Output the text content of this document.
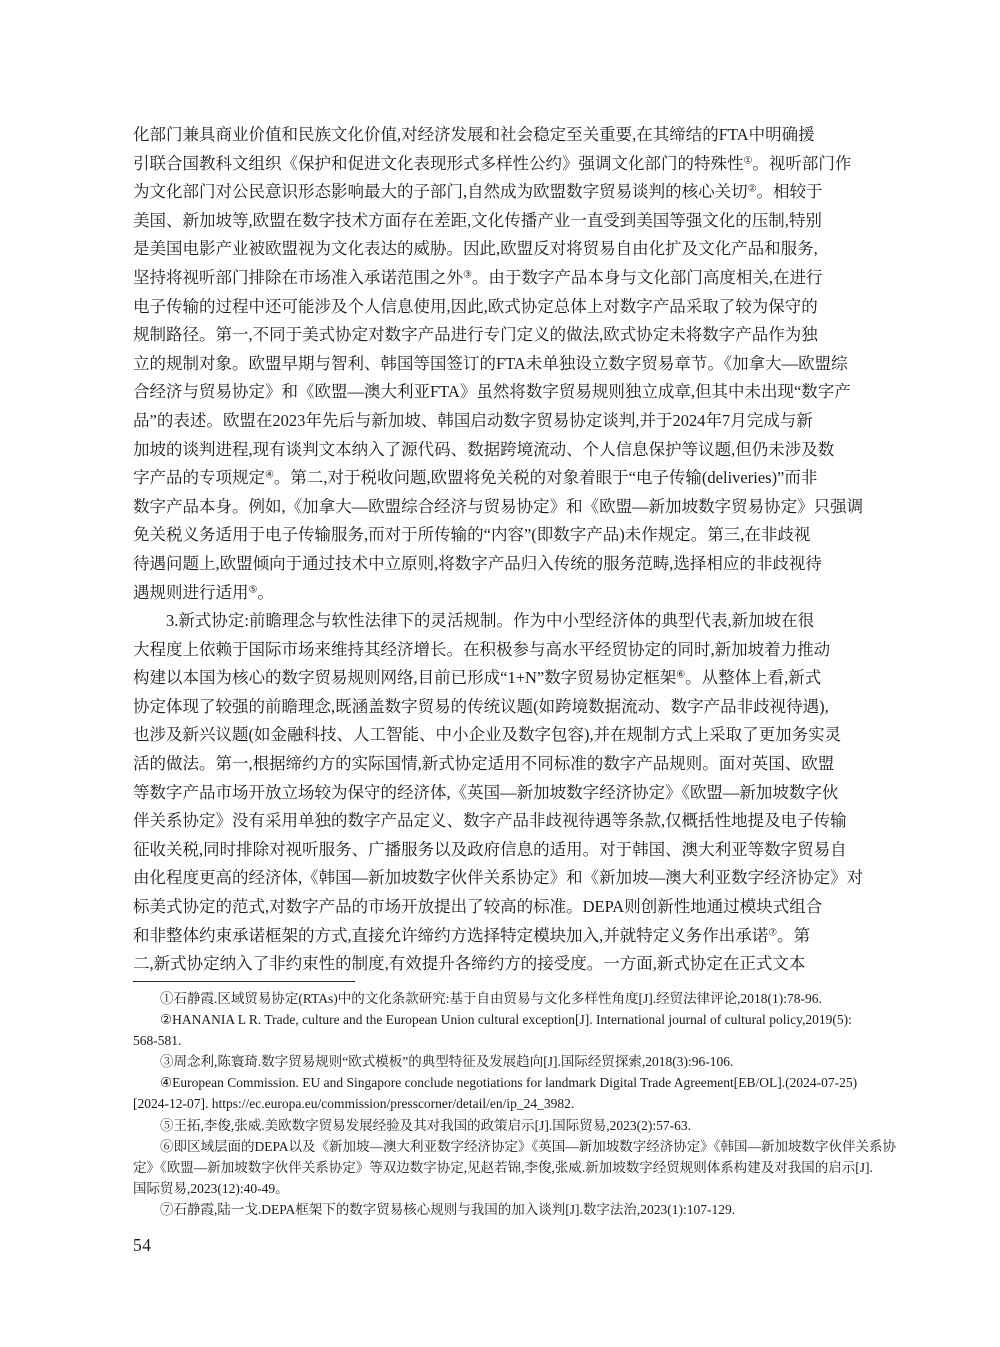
化部门兼具商业价值和民族文化价值,对经济发展和社会稳定至关重要,在其缔结的FTA中明确援
引联合国教科文组织《保护和促进文化表现形式多样性公约》强调文化部门的特殊性①。视听部门作
为文化部门对公民意识形态影响最大的子部门,自然成为欧盟数字贸易谈判的核心关切②。相较于
美国、新加坡等,欧盟在数字技术方面存在差距,文化传播产业一直受到美国等强文化的压制,特别
是美国电影产业被欧盟视为文化表达的威胁。因此,欧盟反对将贸易自由化扩及文化产品和服务,
坚持将视听部门排除在市场准入承诺范围之外③。由于数字产品本身与文化部门高度相关,在进行
电子传输的过程中还可能涉及个人信息使用,因此,欧式协定总体上对数字产品采取了较为保守的
规制路径。第一,不同于美式协定对数字产品进行专门定义的做法,欧式协定未将数字产品作为独
立的规制对象。欧盟早期与智利、韩国等国签订的FTA未单独设立数字贸易章节。《加拿大—欧盟综
合经济与贸易协定》和《欧盟—澳大利亚FTA》虽然将数字贸易规则独立成章,但其中未出现“数字产
品”的表述。欧盟在2023年先后与新加坡、韩国启动数字贸易协定谈判,并于2024年7月完成与新
加坡的谈判进程,现有谈判文本纳入了源代码、数据跨境流动、个人信息保护等议题,但仍未涉及数
字产品的专项规定④。第二,对于税收问题,欧盟将免关税的对象着眼于“电子传输(deliveries)”而非
数字产品本身。例如,《加拿大—欧盟综合经济与贸易协定》和《欧盟—新加坡数字贸易协定》只强调
免关税义务适用于电子传输服务,而对于所传输的“内容”(即数字产品)未作规定。第三,在非歧视
待遇问题上,欧盟倾向于通过技术中立原则,将数字产品归入传统的服务范畴,选择相应的非歧视待
遇规则进行适用⑤。
3.新式协定:前瞻理念与软性法律下的灵活规制。作为中小型经济体的典型代表,新加坡在很
大程度上依赖于国际市场来维持其经济增长。在积极参与高水平经贸协定的同时,新加坡着力推动
构建以本国为核心的数字贸易规则网络,目前已形成“1+N”数字贸易协定框架⑥。从整体上看,新式
协定体现了较强的前瞻理念,既涵盖数字贸易的传统议题(如跨境数据流动、数字产品非歧视待遇),
也涉及新兴议题(如金融科技、人工智能、中小企业及数字包容),并在规制方式上采取了更加务实灵
活的做法。第一,根据缔约方的实际国情,新式协定适用不同标准的数字产品规则。面对英国、欧盟
等数字产品市场开放立场较为保守的经济体,《英国—新加坡数字经济协定》《欧盟—新加坡数字伙
伴关系协定》没有采用单独的数字产品定义、数字产品非歧视待遇等条款,仅概括性地提及电子传输
征收关税,同时排除对视听服务、广播服务以及政府信息的适用。对于韩国、澳大利亚等数字贸易自
由化程度更高的经济体,《韩国—新加坡数字伙伴关系协定》和《新加坡—澳大利亚数字经济协定》对
标美式协定的范式,对数字产品的市场开放提出了较高的标准。DEPA则创新性地通过模块式组合
和非整体约束承诺框架的方式,直接允许缔约方选择特定模块加入,并就特定义务作出承诺⑦。第
二,新式协定纳入了非约束性的制度,有效提升各缔约方的接受度。一方面,新式协定在正式文本
①石静霞.区域贸易协定(RTAs)中的文化条款研究:基于自由贸易与文化多样性角度[J].经贸法律评论,2018(1):78-96.
②HANANIA L R. Trade, culture and the European Union cultural exception[J]. International journal of cultural policy,2019(5):
568-581.
③周念利,陈寰琦.数字贸易规则“欧式模板”的典型特征及发展趋向[J].国际经贸探索,2018(3):96-106.
④European Commission. EU and Singapore conclude negotiations for landmark Digital Trade Agreement[EB/OL].(2024-07-25)
[2024-12-07]. https://ec.europa.eu/commission/presscorner/detail/en/ip_24_3982.
⑤王拓,李俊,张威.美欧数字贸易发展经验及其对我国的政策启示[J].国际贸易,2023(2):57-63.
⑥即区域层面的DEPA以及《新加坡—澳大利亚数字经济协定》《英国—新加坡数字经济协定》《韩国—新加坡数字伙伴关系协
定》《欧盟—新加坡数字伙伴关系协定》等双边数字协定,见赵若锦,李俊,张威.新加坡数字经贸规则体系构建及对我国的启示[J].
国际贸易,2023(12):40-49。
⑦石静霞,陆一戈.DEPA框架下的数字贸易核心规则与我国的加入谈判[J].数字法治,2023(1):107-129.
54
